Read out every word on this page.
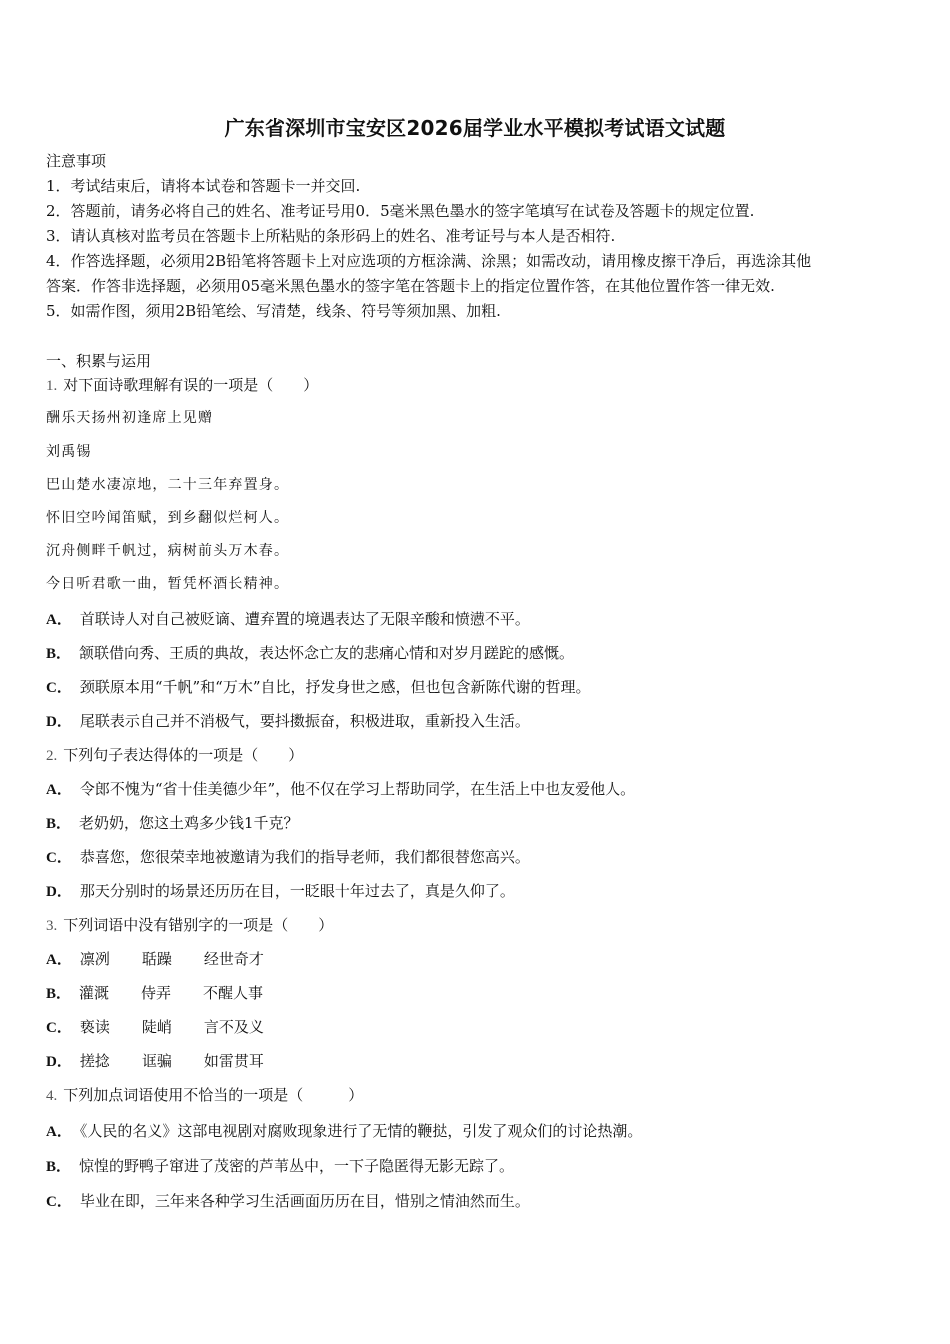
广东省深圳市宝安区2026届学业水平模拟考试语文试题
注意事项
1．考试结束后，请将本试卷和答题卡一并交回.
2．答题前，请务必将自己的姓名、准考证号用0．5毫米黑色墨水的签字笔填写在试卷及答题卡的规定位置.
3．请认真核对监考员在答题卡上所粘贴的条形码上的姓名、准考证号与本人是否相符.
4．作答选择题，必须用2B铅笔将答题卡上对应选项的方框涂满、涂黑；如需改动，请用橡皮擦干净后，再选涂其他
答案．作答非选择题，必须用05毫米黑色墨水的签字笔在答题卡上的指定位置作答，在其他位置作答一律无效.
5．如需作图，须用2B铅笔绘、写清楚，线条、符号等须加黑、加粗.
一、积累与运用
1. 对下面诗歌理解有误的一项是（　　）
酬乐天扬州初逢席上见赠
刘禹锡
巴山楚水凄凉地，二十三年弃置身。
怀旧空吟闻笛赋，到乡翻似烂柯人。
沉舟侧畔千帆过，病树前头万木春。
今日听君歌一曲，暂凭杯酒长精神。
A． 首联诗人对自己被贬谪、遭弃置的境遇表达了无限辛酸和愤懑不平。
B． 颔联借向秀、王质的典故，表达怀念亡友的悲痛心情和对岁月蹉跎的感慨。
C． 颈联原本用“千帆”和“万木”自比，抒发身世之感，但也包含新陈代谢的哲理。
D． 尾联表示自己并不消极气，要抖擞振奋，积极进取，重新投入生活。
2. 下列句子表达得体的一项是（　　）
A． 令郎不愧为“省十佳美德少年”，他不仅在学习上帮助同学，在生活上中也友爱他人。
B． 老奶奶，您这土鸡多少钱1千克？
C． 恭喜您，您很荣幸地被邀请为我们的指导老师，我们都很替您高兴。
D． 那天分别时的场景还历历在目，一眨眼十年过去了，真是久仰了。
3. 下列词语中没有错别字的一项是（　　）
A． 凛冽 聒躁 经世奇才
B． 灌溉 侍弄 不醒人事
C． 亵读 陡峭 言不及义
D． 搓捻 诓骗 如雷贯耳
4. 下列加点词语使用不恰当的一项是（　　　）
A． 《人民的名义》这部电视剧对腐败现象进行了无情的鞭挞，引发了观众们的讨论热潮。
B． 惊惶的野鸭子窜进了茂密的芦苇丛中，一下子隐匿得无影无踪了。
C． 毕业在即，三年来各种学习生活画面历历在目，惜别之情油然而生。
